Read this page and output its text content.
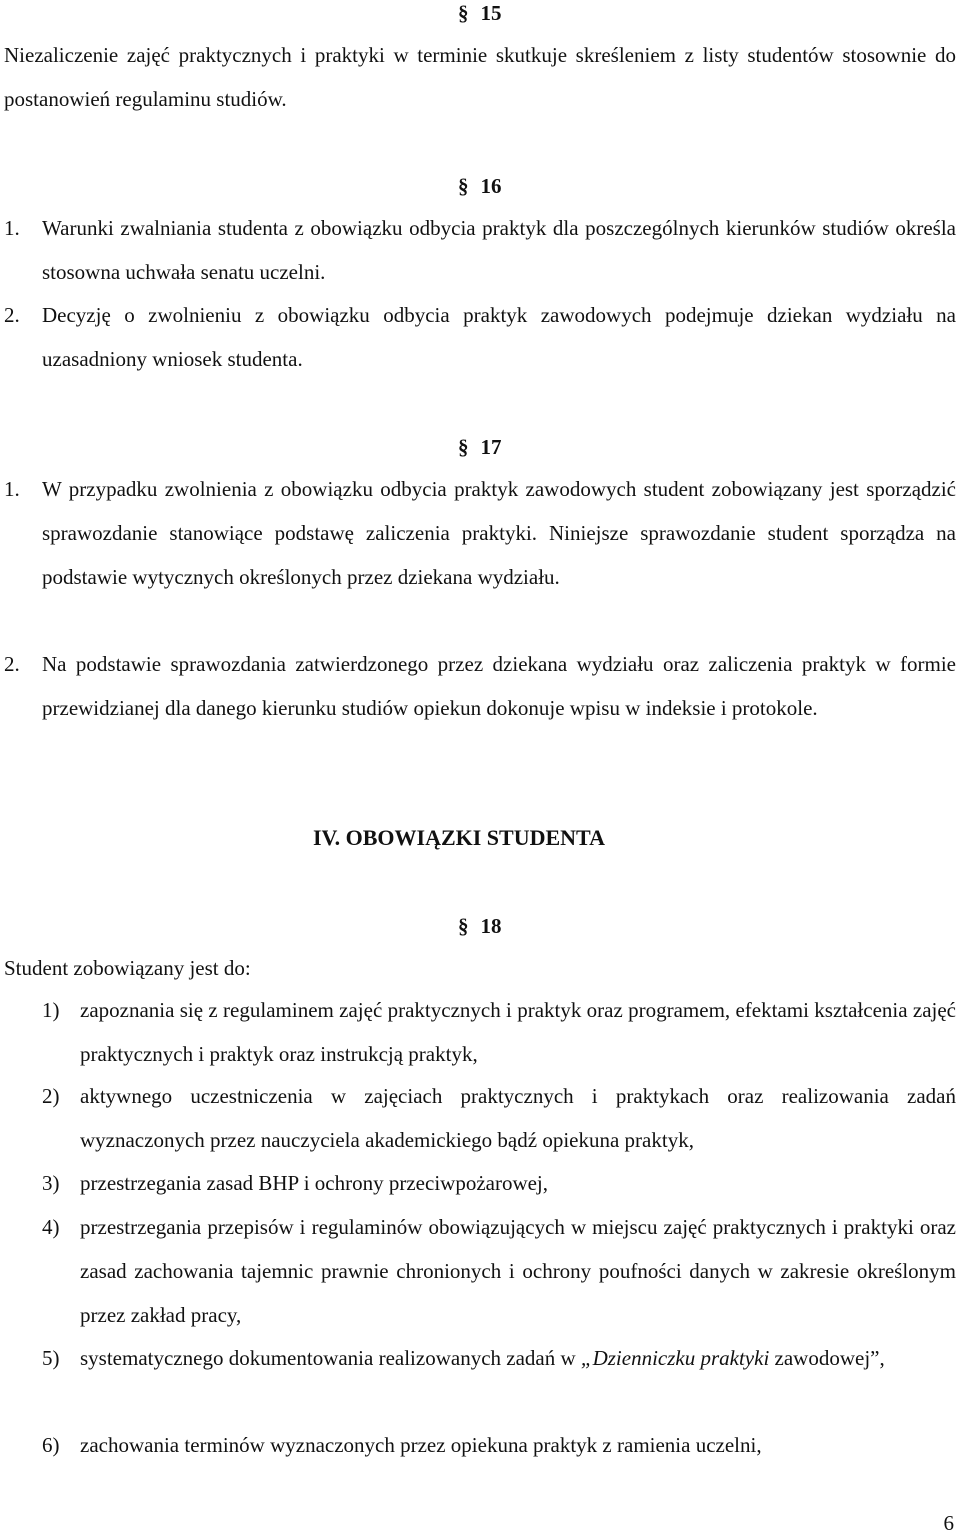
§ 15

Niezaliczenie zajęć praktycznych i praktyki w terminie skutkuje skreśleniem z listy studentów stosownie do postanowień regulaminu studiów.

§ 16
1. Warunki zwalniania studenta z obowiązku odbycia praktyk dla poszczególnych kierunków studiów określa stosowna uchwała senatu uczelni.
2. Decyzję o zwolnieniu z obowiązku odbycia praktyk zawodowych podejmuje dziekan wydziału na uzasadniony wniosek studenta.
§ 17
1. W przypadku zwolnienia z obowiązku odbycia praktyk zawodowych student zobowiązany jest sporządzić sprawozdanie stanowiące podstawę zaliczenia praktyki. Niniejsze sprawozdanie student sporządza na podstawie wytycznych określonych przez dziekana wydziału.
2. Na podstawie sprawozdania zatwierdzonego przez dziekana wydziału oraz zaliczenia praktyk w formie przewidzianej dla danego kierunku studiów opiekun dokonuje wpisu w indeksie i protokole.
IV. OBOWIĄZKI STUDENTA
§ 18

Student zobowiązany jest do:

1) zapoznania się z regulaminem zajęć praktycznych i praktyk oraz programem, efektami kształcenia zajęć praktycznych i praktyk oraz instrukcją praktyk,
2) aktywnego uczestniczenia w zajęciach praktycznych i praktykach oraz realizowania zadań wyznaczonych przez nauczyciela akademickiego bądź opiekuna praktyk,
3) przestrzegania zasad BHP i ochrony przeciwpożarowej,
4) przestrzegania przepisów i regulaminów obowiązujących w miejscu zajęć praktycznych i praktyki oraz zasad zachowania tajemnic prawnie chronionych i ochrony poufności danych w zakresie określonym przez zakład pracy,
5) systematycznego dokumentowania realizowanych zadań w „Dzienniczku praktyki zawodowej”,
6) zachowania terminów wyznaczonych przez opiekuna praktyk z ramienia uczelni,
6
